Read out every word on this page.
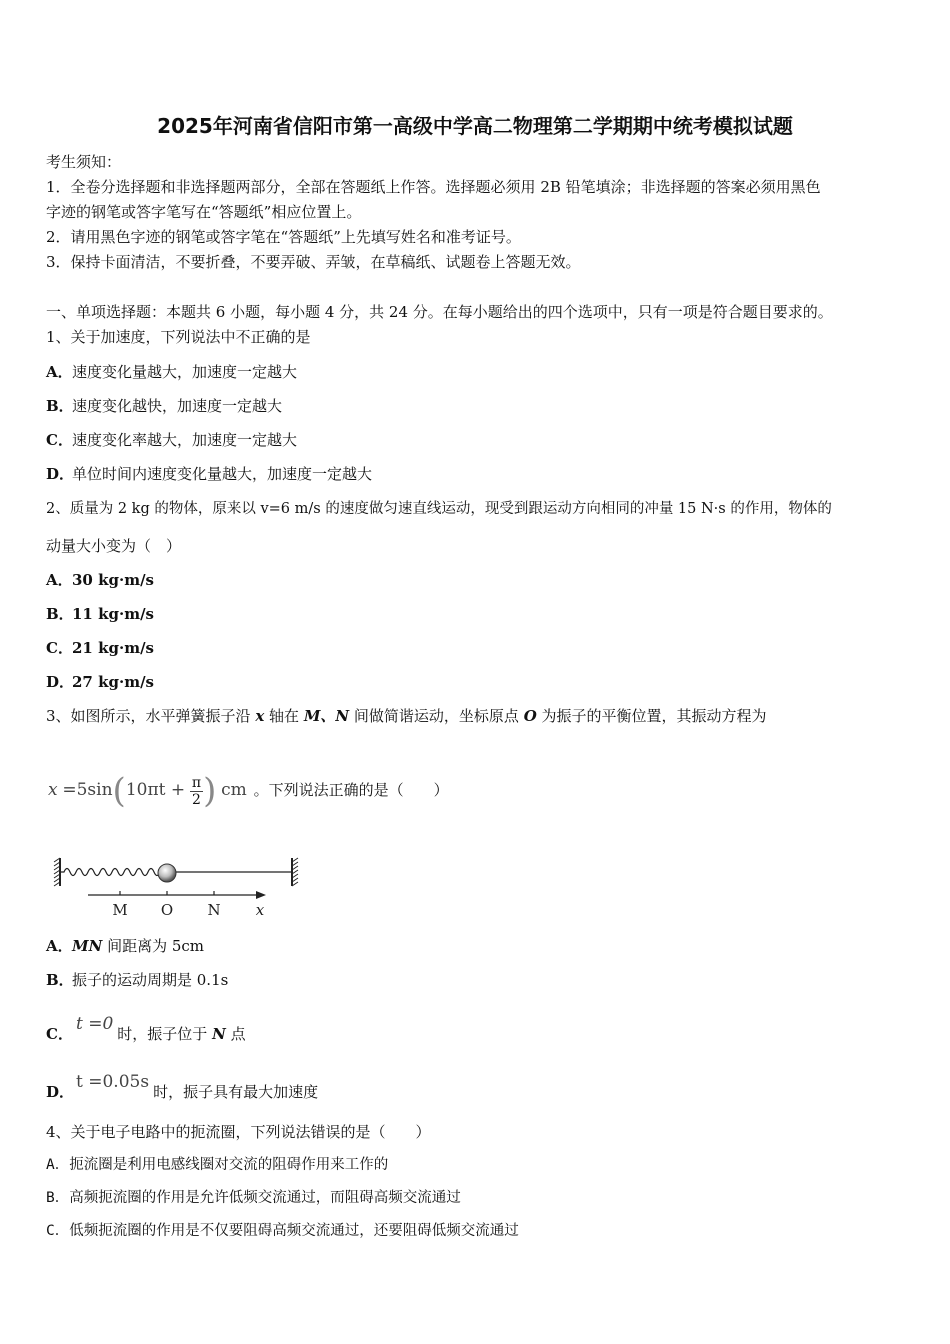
2025年河南省信阳市第一高级中学高二物理第二学期期中统考模拟试题
考生须知：
1．全卷分选择题和非选择题两部分，全部在答题纸上作答。选择题必须用 2B 铅笔填涂；非选择题的答案必须用黑色
字迹的钢笔或答字笔写在“答题纸”相应位置上。
2．请用黑色字迹的钢笔或答字笔在“答题纸”上先填写姓名和准考证号。
3．保持卡面清洁，不要折叠，不要弄破、弄皱，在草稿纸、试题卷上答题无效。
一、单项选择题：本题共 6 小题，每小题 4 分，共 24 分。在每小题给出的四个选项中，只有一项是符合题目要求的。
1、关于加速度，下列说法中不正确的是
A．速度变化量越大，加速度一定越大
B．速度变化越快，加速度一定越大
C．速度变化率越大，加速度一定越大
D．单位时间内速度变化量越大，加速度一定越大
2、质量为 2 kg 的物体，原来以 v=6 m/s 的速度做匀速直线运动，现受到跟运动方向相同的冲量 15 N·s 的作用，物体的
动量大小变为（　）
A．30 kg·m/s
B．11 kg·m/s
C．21 kg·m/s
D．27 kg·m/s
3、如图所示，水平弹簧振子沿 x 轴在 M、N 间做简谐运动，坐标原点 O 为振子的平衡位置，其振动方程为
$x =5\sin(10\pi t + \frac{\pi}{2}$ ) cm 。下列说法正确的是（　　）
M O N x
A．MN 间距离为 5cm
B．振子的运动周期是 0.1s
C． t =0 时，振子位于 N 点
D． t =0.05s 时，振子具有最大加速度
4、关于电子电路中的扼流圈，下列说法错误的是（　　）
A．扼流圈是利用电感线圈对交流的阻碍作用来工作的
B．高频扼流圈的作用是允许低频交流通过，而阻碍高频交流通过
C．低频扼流圈的作用是不仅要阻碍高频交流通过，还要阻碍低频交流通过
